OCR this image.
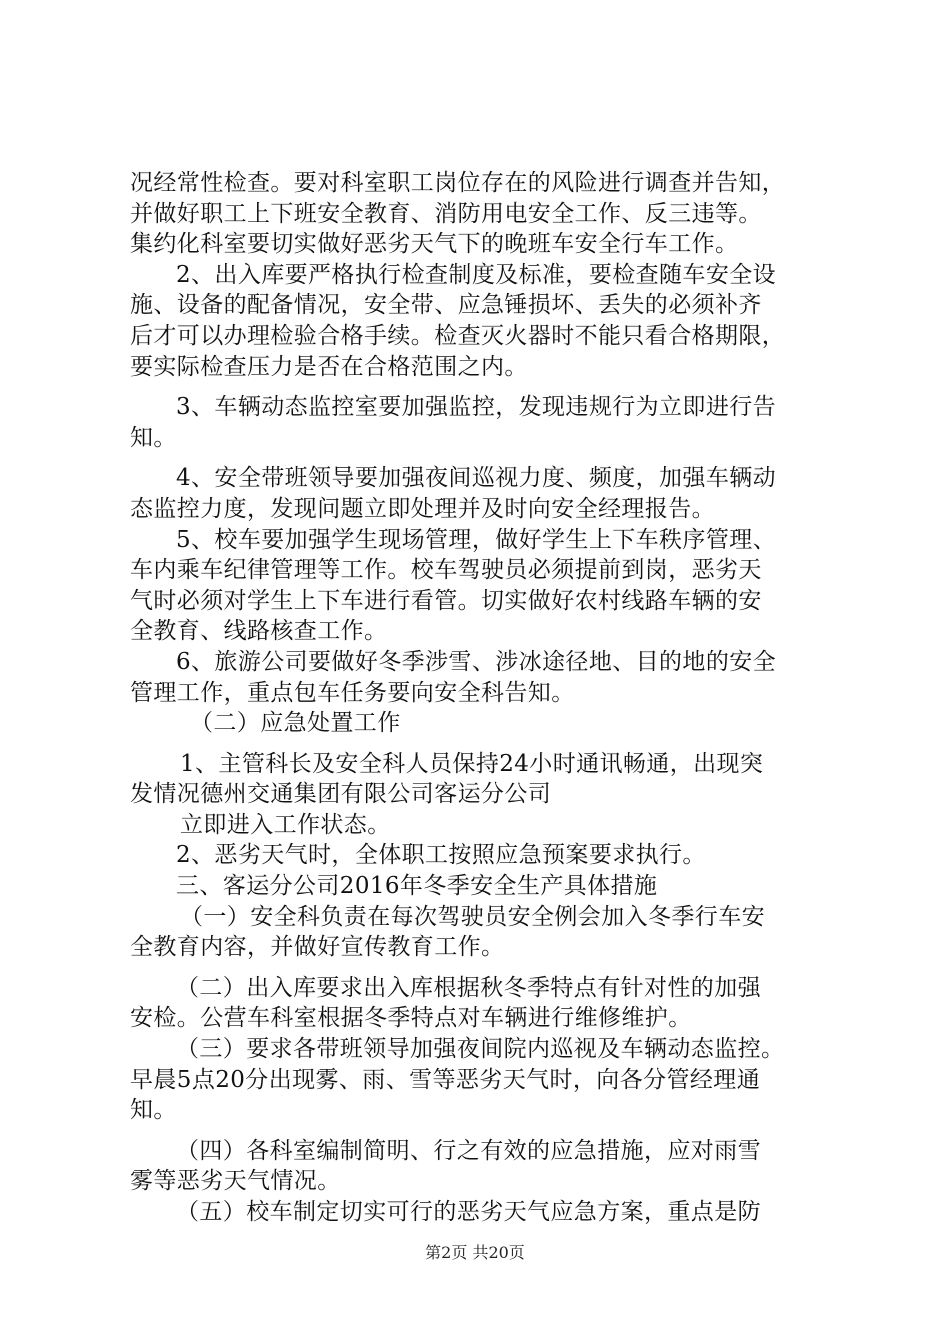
况经常性检查。要对科室职工岗位存在的风险进行调查并告知，
并做好职工上下班安全教育、消防用电安全工作、反三违等。
集约化科室要切实做好恶劣天气下的晚班车安全行车工作。
2、出入库要严格执行检查制度及标准，要检查随车安全设
施、设备的配备情况，安全带、应急锤损坏、丢失的必须补齐
后才可以办理检验合格手续。检查灭火器时不能只看合格期限，
要实际检查压力是否在合格范围之内。
3、车辆动态监控室要加强监控，发现违规行为立即进行告
知。
4、安全带班领导要加强夜间巡视力度、频度，加强车辆动
态监控力度，发现问题立即处理并及时向安全经理报告。
5、校车要加强学生现场管理，做好学生上下车秩序管理、
车内乘车纪律管理等工作。校车驾驶员必须提前到岗，恶劣天
气时必须对学生上下车进行看管。切实做好农村线路车辆的安
全教育、线路核查工作。
6、旅游公司要做好冬季涉雪、涉冰途径地、目的地的安全
管理工作，重点包车任务要向安全科告知。
（二）应急处置工作
1、主管科长及安全科人员保持24小时通讯畅通，出现突
发情况德州交通集团有限公司客运分公司
立即进入工作状态。
2、恶劣天气时，全体职工按照应急预案要求执行。
三、客运分公司2016年冬季安全生产具体措施
（一）安全科负责在每次驾驶员安全例会加入冬季行车安
全教育内容，并做好宣传教育工作。
（二）出入库要求出入库根据秋冬季特点有针对性的加强
安检。公营车科室根据冬季特点对车辆进行维修维护。
（三）要求各带班领导加强夜间院内巡视及车辆动态监控。
早晨5点20分出现雾、雨、雪等恶劣天气时，向各分管经理通
知。
（四）各科室编制简明、行之有效的应急措施，应对雨雪
雾等恶劣天气情况。
（五）校车制定切实可行的恶劣天气应急方案，重点是防
第2页 共20页
